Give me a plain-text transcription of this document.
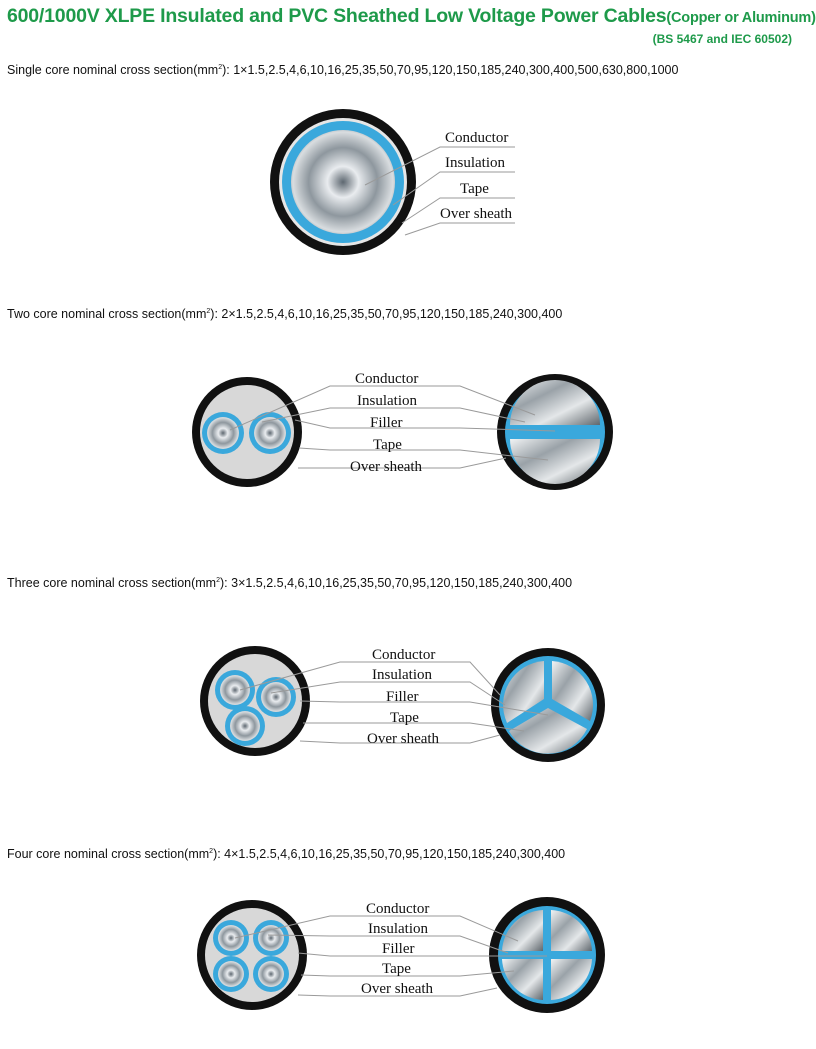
600/1000V XLPE Insulated and PVC Sheathed Low Voltage Power Cables(Copper or Aluminum)
(BS 5467 and IEC 60502)
Single core nominal cross $section(mm^2)$: 1×1.5,2.5,4,6,10,16,25,35,50,70,95,120,150,185,240,300,400,500,630,800,1000
Conductor
Insulation
Tape
Over sheath
Two core nominal cross $section(mm^2)$: 2×1.5,2.5,4,6,10,16,25,35,50,70,95,120,150,185,240,300,400
Conductor
Insulation
Filler
Tape
Over sheath
Three core nominal cross $section(mm^2)$: 3×1.5,2.5,4,6,10,16,25,35,50,70,95,120,150,185,240,300,400
Conductor
Insulation
Filler
Tape
Over sheath
Four core nominal cross $section(mm^2)$: 4×1.5,2.5,4,6,10,16,25,35,50,70,95,120,150,185,240,300,400
Conductor
Insulation
Filler
Tape
Over sheath
